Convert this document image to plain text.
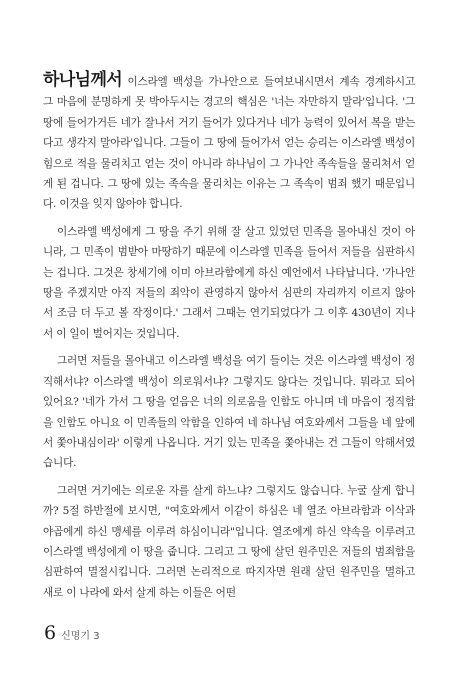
하나님께서 이스라엘 백성을 가나안으로 들여보내시면서 계속 경계하시고 그 마음에 분명하게 못 박아두시는 경고의 핵심은 '너는 자만하지 말라'입니다. '그 땅에 들어가거든 네가 잘나서 거기 들어가 있다거나 네가 능력이 있어서 복을 받는다고 생각지 말아라'입니다. 그들이 그 땅에 들어가서 얻는 승리는 이스라엘 백성이 힘으로 적을 물리치고 얻는 것이 아니라 하나님이 그 가나안 족속들을 물리쳐서 얻게 된 겁니다. 그 땅에 있는 족속을 물리치는 이유는 그 족속이 범죄 했기 때문입니다. 이것을 잊지 않아야 합니다.

이스라엘 백성에게 그 땅을 주기 위해 잘 살고 있었던 민족을 몰아내신 것이 아니라, 그 민족이 범받아 마땅하기 때문에 이스라엘 민족을 들어서 저들을 심판하시는 겁니다. 그것은 창세기에 이미 아브라함에게 하신 예언에서 나타납니다. '가나안 땅을 주겠지만 아직 저들의 죄악이 관영하지 않아서 심판의 자리까지 이르지 않아서 조금 더 두고 볼 작정이다.' 그래서 그때는 연기되었다가 그 이후 430년이 지나서 이 일이 벌어지는 것입니다.

그러면 저들을 몰아내고 이스라엘 백성을 여기 들이는 것은 이스라엘 백성이 정직해서냐? 이스라엘 백성이 의로워서냐? 그렇지도 않다는 것입니다. 뭐라고 되어 있어요? '네가 가서 그 땅을 얻음은 너의 의로움을 인함도 아니며 네 마음이 정직함을 인함도 아니요 이 민족들의 악함을 인하여 네 하나님 여호와께서 그들을 네 앞에서 쫓아내심이라' 이렇게 나옵니다. 거기 있는 민족을 쫓아내는 건 그들이 악해서였습니다.

그러면 거기에는 의로운 자를 살게 하느냐? 그렇지도 않습니다. 누굴 살게 합니까? 5절 하반절에 보시면, "여호와께서 이같이 하심은 네 열조 아브라함과 이삭과 야곱에게 하신 맹세를 이루려 하심이니라"입니다. 열조에게 하신 약속을 이루려고 이스라엘 백성에게 이 땅을 줍니다. 그리고 그 땅에 살던 원주민은 저들의 범죄함을 심판하여 멸절시킵니다. 그러면 논리적으로 따지자면 원래 살던 원주민을 멸하고 새로 이 나라에 와서 살게 하는 이들은 어떤

6 신명기 3
